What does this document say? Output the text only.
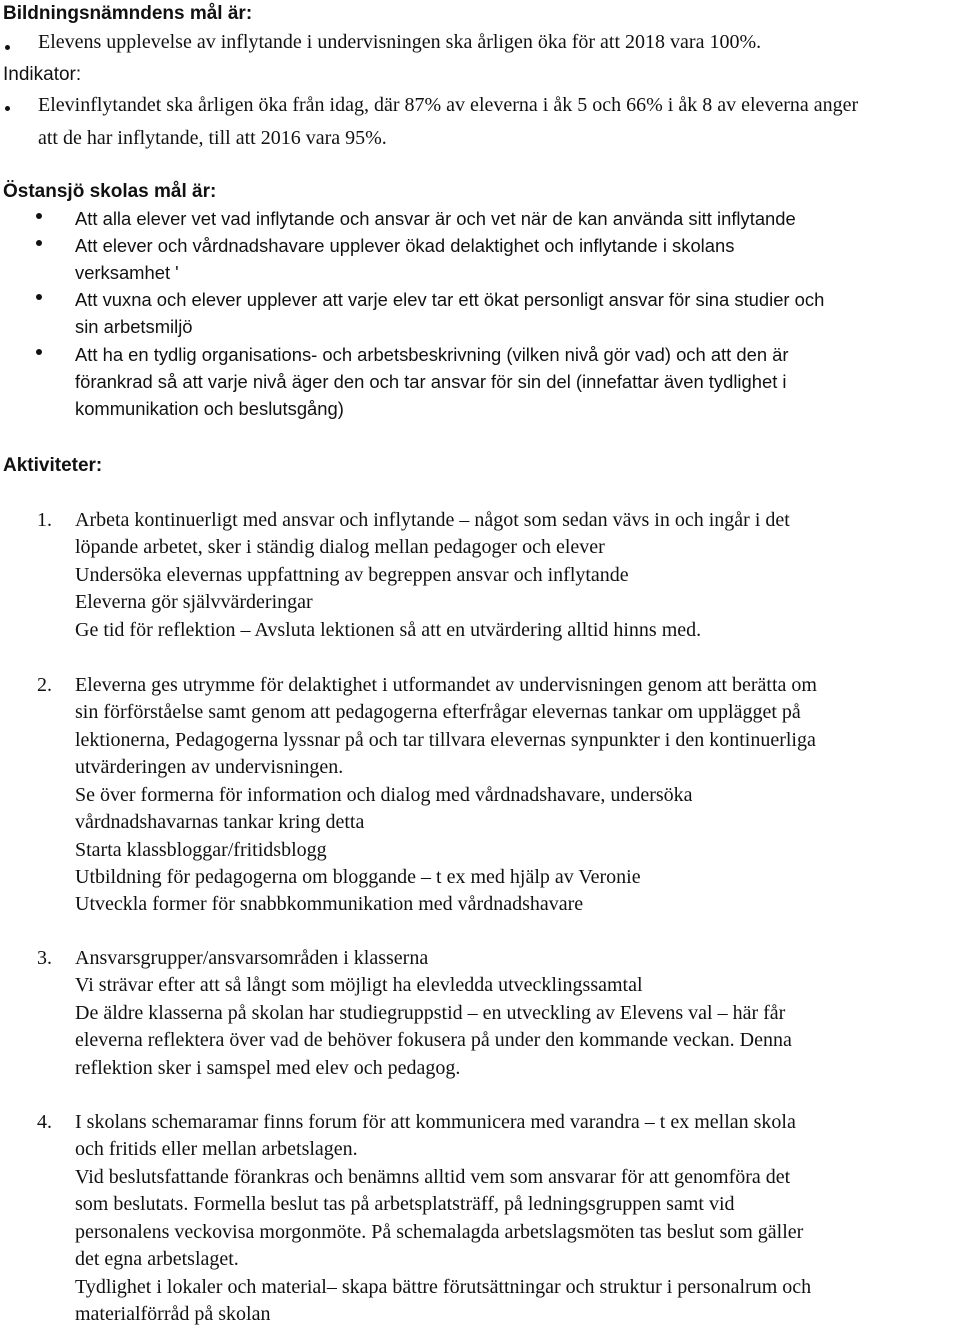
Bildningsnämndens mål är:
Elevens upplevelse av inflytande i undervisningen ska årligen öka för att 2018 vara 100%.
Indikator:
Elevinflytandet ska årligen öka från idag, där 87% av eleverna i åk 5 och 66% i åk 8 av eleverna anger
att de har inflytande, till att 2016 vara 95%.
Östansjö skolas mål är:
Att alla elever vet vad inflytande och ansvar är och vet när de kan använda sitt inflytande
Att elever och vårdnadshavare upplever ökad delaktighet och inflytande i skolans
verksamhet '
Att vuxna och elever upplever att varje elev tar ett ökat personligt ansvar för sina studier och
sin arbetsmiljö
Att ha en tydlig organisations- och arbetsbeskrivning (vilken nivå gör vad) och att den är
förankrad så att varje nivå äger den och tar ansvar för sin del (innefattar även tydlighet i
kommunikation och beslutsgång)
Aktiviteter:
1. Arbeta kontinuerligt med ansvar och inflytande – något som sedan vävs in och ingår i det
löpande arbetet, sker i ständig dialog mellan pedagoger och elever
Undersöka elevernas uppfattning av begreppen ansvar och inflytande
Eleverna gör självvärderingar
Ge tid för reflektion – Avsluta lektionen så att en utvärdering alltid hinns med.
2. Eleverna ges utrymme för delaktighet i utformandet av undervisningen genom att berätta om
sin förförståelse samt genom att pedagogerna efterfrågar elevernas tankar om upplägget på
lektionerna, Pedagogerna lyssnar på och tar tillvara elevernas synpunkter i den kontinuerliga
utvärderingen av undervisningen.
Se över formerna för information och dialog med vårdnadshavare, undersöka
vårdnadshavarnas tankar kring detta
Starta klassbloggar/fritidsblogg
Utbildning för pedagogerna om bloggande – t ex med hjälp av Veronie
Utveckla former för snabbkommunikation med vårdnadshavare
3. Ansvarsgrupper/ansvarsområden i klasserna
Vi strävar efter att så långt som möjligt ha elevledda utvecklingssamtal
De äldre klasserna på skolan har studiegruppstid – en utveckling av Elevens val – här får
eleverna reflektera över vad de behöver fokusera på under den kommande veckan. Denna
reflektion sker i samspel med elev och pedagog.
4. I skolans schemaramar finns forum för att kommunicera med varandra – t ex mellan skola
och fritids eller mellan arbetslagen.
Vid beslutsfattande förankras och benämns alltid vem som ansvarar för att genomföra det
som beslutats. Formella beslut tas på arbetsplatsträff, på ledningsgruppen samt vid
personalens veckovisa morgonmöte. På schemalagda arbetslagsmöten tas beslut som gäller
det egna arbetslaget.
Tydlighet i lokaler och material– skapa bättre förutsättningar och struktur i personalrum och
materialförråd på skolan
